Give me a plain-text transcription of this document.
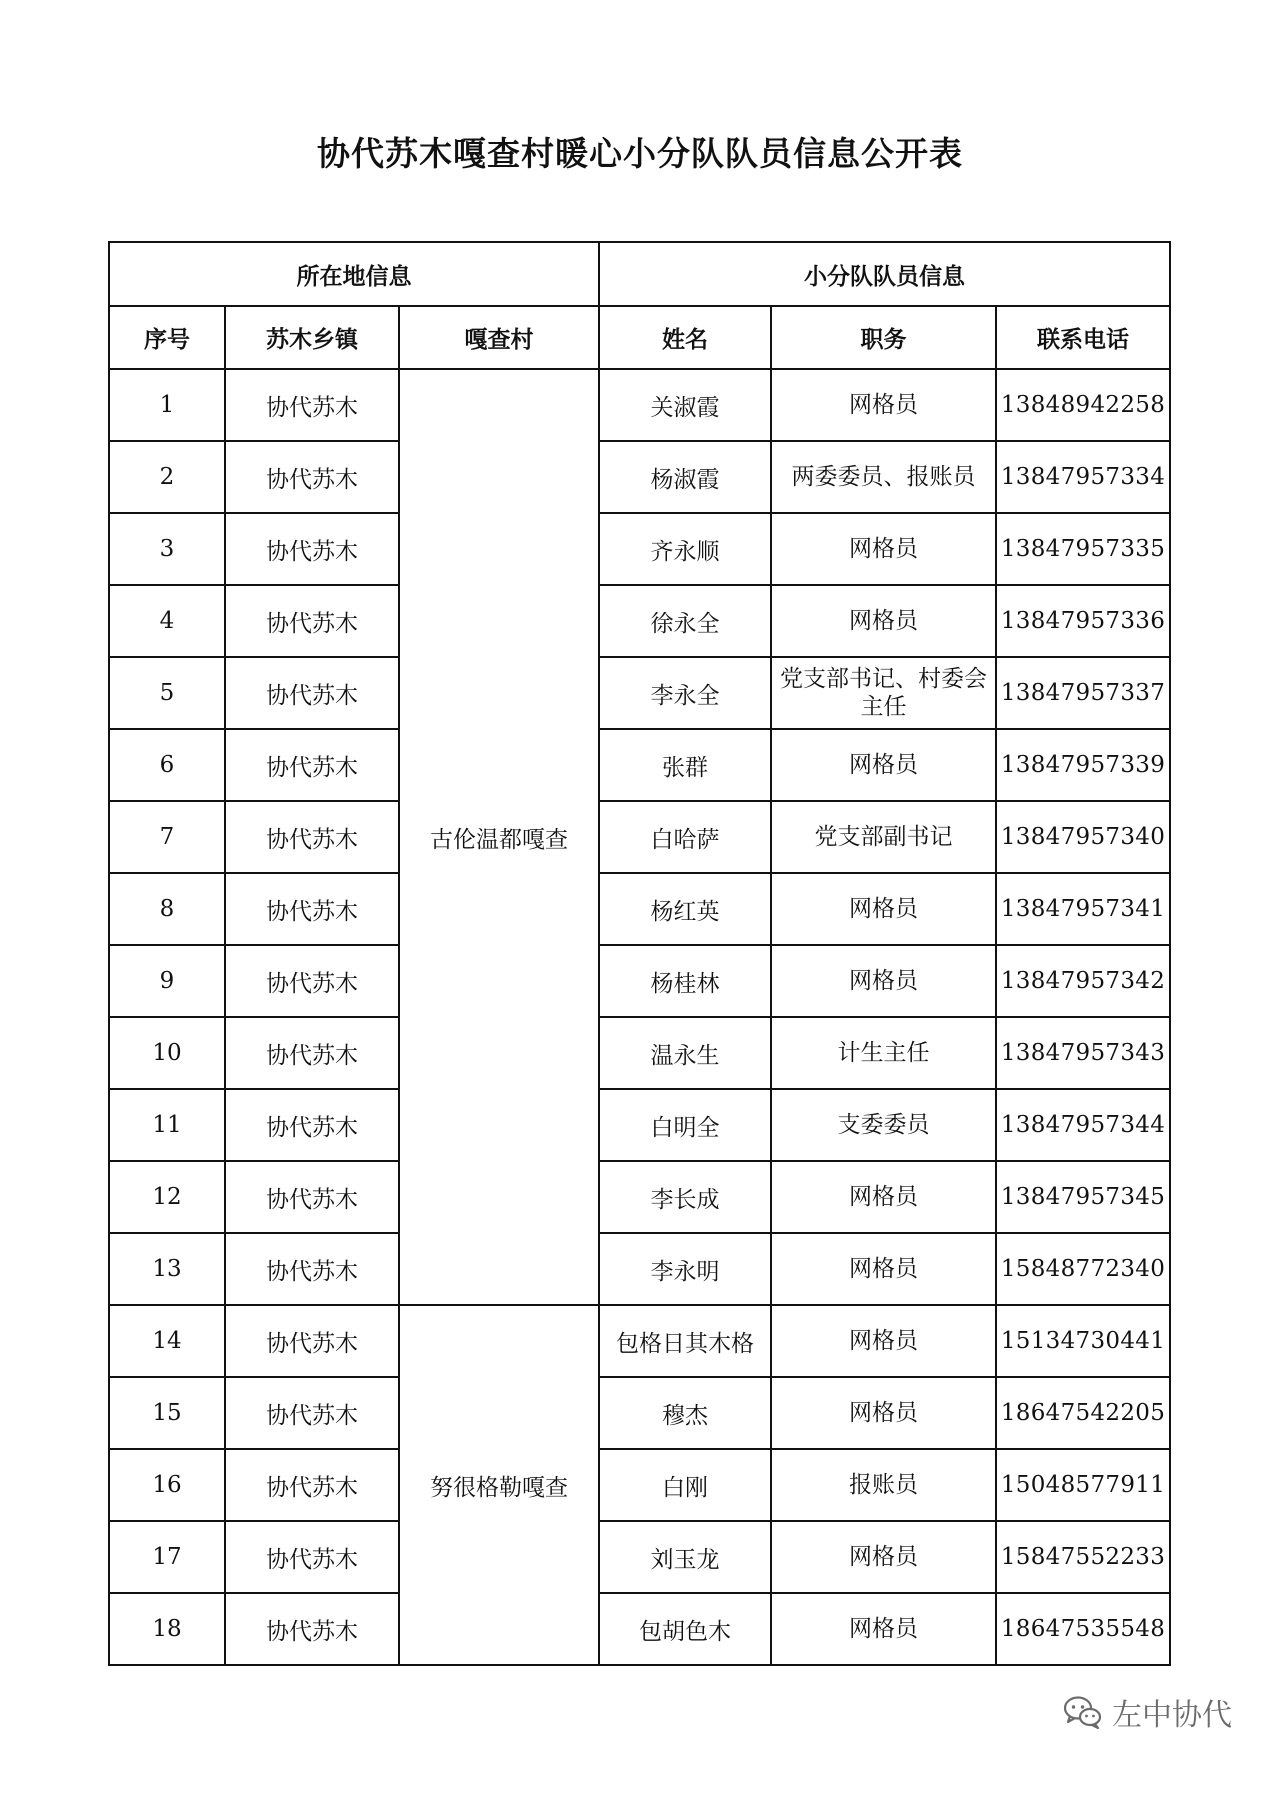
协代苏木嘎查村暖心小分队队员信息公开表
所在地信息			小分队队员信息		
序号	苏木乡镇	嘎查村	姓名	职务	联系电话
1	协代苏木	古伦温都嘎查	关淑霞	网格员	13848942258
2	协代苏木		杨淑霞	两委委员、报账员	13847957334
3	协代苏木		齐永顺	网格员	13847957335
4	协代苏木		徐永全	网格员	13847957336
5	协代苏木		李永全	党支部书记、村委会主任	13847957337
6	协代苏木		张群	网格员	13847957339
7	协代苏木		白哈萨	党支部副书记	13847957340
8	协代苏木		杨红英	网格员	13847957341
9	协代苏木		杨桂林	网格员	13847957342
10	协代苏木		温永生	计生主任	13847957343
11	协代苏木		白明全	支委委员	13847957344
12	协代苏木		李长成	网格员	13847957345
13	协代苏木		李永明	网格员	15848772340
14	协代苏木	努很格勒嘎查	包格日其木格	网格员	15134730441
15	协代苏木		穆杰	网格员	18647542205
16	协代苏木		白刚	报账员	15048577911
17	协代苏木		刘玉龙	网格员	15847552233
18	协代苏木		包胡色木	网格员	18647535548
左中协代
